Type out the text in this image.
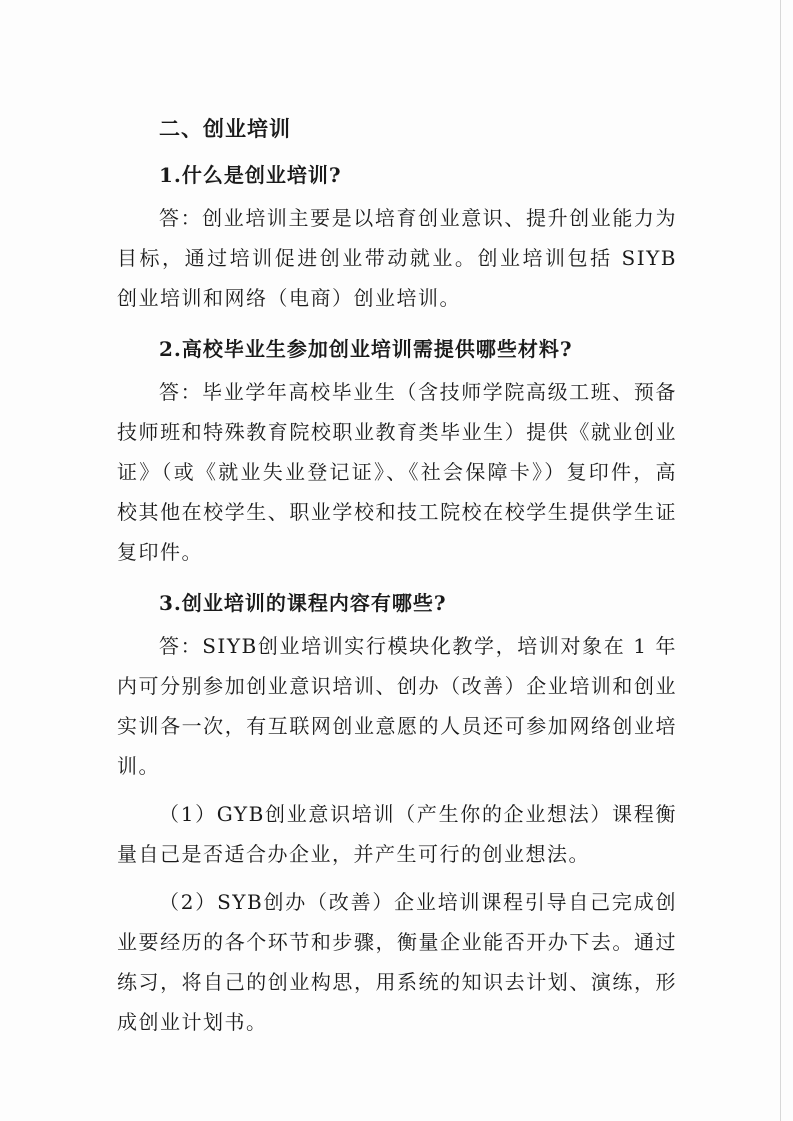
二、创业培训
1.什么是创业培训?

答：创业培训主要是以培育创业意识、提升创业能力为目标，通过培训促进创业带动就业。创业培训包括 SIYB 创业培训和网络（电商）创业培训。

2.高校毕业生参加创业培训需提供哪些材料?

答：毕业学年高校毕业生（含技师学院高级工班、预备技师班和特殊教育院校职业教育类毕业生）提供《就业创业证》（或《就业失业登记证》、《社会保障卡》）复印件，高校其他在校学生、职业学校和技工院校在校学生提供学生证复印件。

3.创业培训的课程内容有哪些?

答：SIYB创业培训实行模块化教学，培训对象在 1 年内可分别参加创业意识培训、创办（改善）企业培训和创业实训各一次，有互联网创业意愿的人员还可参加网络创业培训。

（1）GYB创业意识培训（产生你的企业想法）课程衡量自己是否适合办企业，并产生可行的创业想法。

（2）SYB创办（改善）企业培训课程引导自己完成创业要经历的各个环节和步骤，衡量企业能否开办下去。通过练习，将自己的创业构思，用系统的知识去计划、演练，形成创业计划书。
